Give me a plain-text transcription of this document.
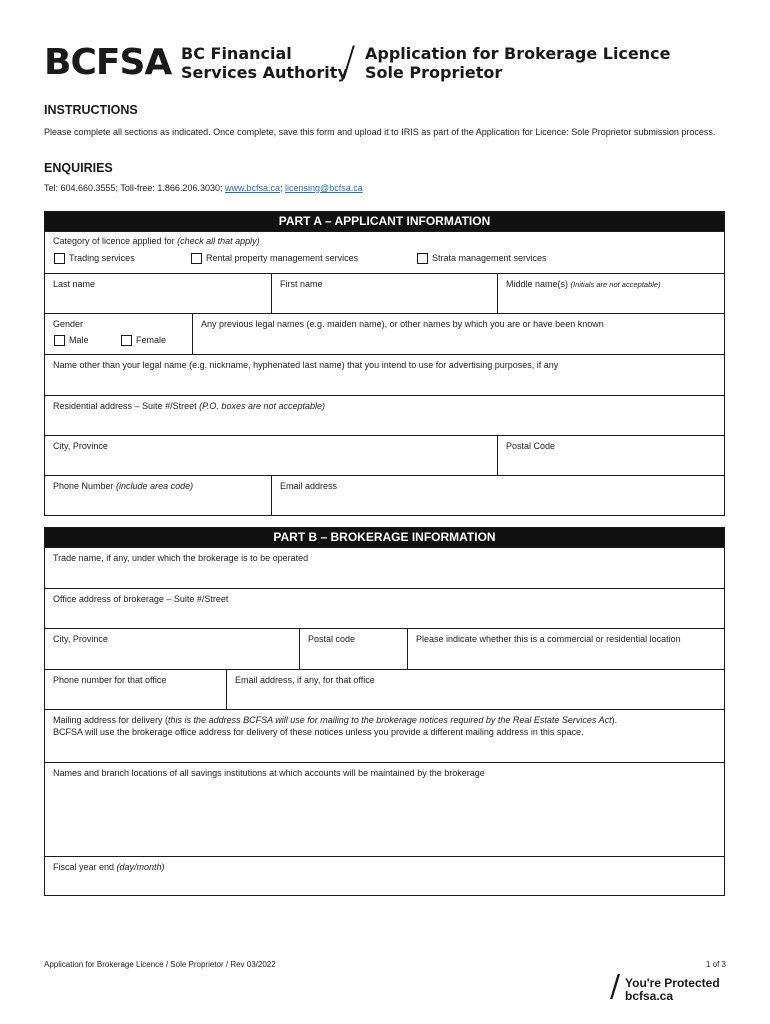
BCFSA BC Financial
Services Authority
/ Application for Brokerage Licence
Sole Proprietor
INSTRUCTIONS
Please complete all sections as indicated. Once complete, save this form and upload it to IRIS as part of the Application for Licence: Sole Proprietor submission process.
ENQUIRIES
Tel: 604.660.3555; Toll-free: 1.866.206.3030; www.bcfsa.ca; licensing@bcfsa.ca
PART A – APPLICANT INFORMATION
Category of licence applied for (check all that apply)
Trading services	Rental property management services	Strata management services
Last name	First name	Middle name(s) (Initials are not acceptable)
Gender
Male	Female
Any previous legal names (e.g. maiden name), or other names by which you are or have been known
Name other than your legal name (e.g. nickname, hyphenated last name) that you intend to use for advertising purposes, if any
Residential address – Suite #/Street (P.O. boxes are not acceptable)
City, Province	Postal Code
Phone Number (include area code)	Email address
PART B – BROKERAGE INFORMATION
Trade name, if any, under which the brokerage is to be operated
Office address of brokerage – Suite #/Street
City, Province	Postal code	Please indicate whether this is a commercial or residential location
Phone number for that office	Email address, if any, for that office
Mailing address for delivery (this is the address BCFSA will use for mailing to the brokerage notices required by the Real Estate Services Act).
BCFSA will use the brokerage office address for delivery of these notices unless you provide a different mailing address in this space.
Names and branch locations of all savings institutions at which accounts will be maintained by the brokerage
Fiscal year end (day/month)
Application for Brokerage Licence / Sole Proprietor / Rev 03/2022	1 of 3
/ You're Protected
bcfsa.ca
